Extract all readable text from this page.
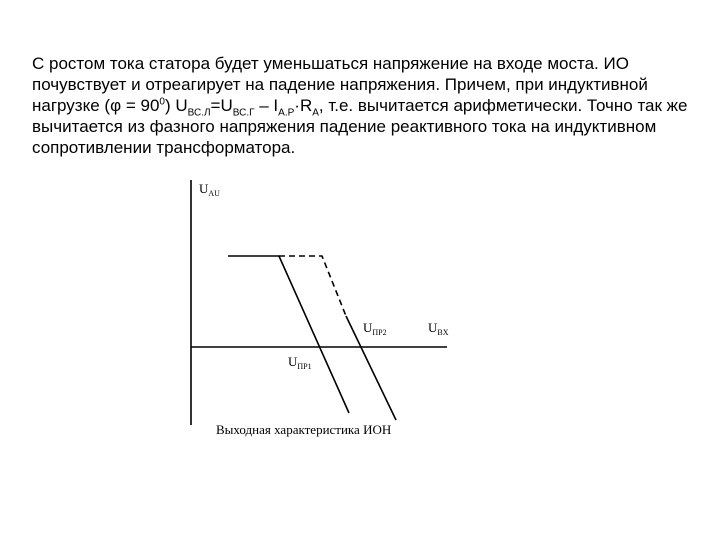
С ростом тока статора будет уменьшаться напряжение на входе моста. ИО почувствует и отреагирует на падение напряжения. Причем, при индуктивной нагрузке $(\varphi = 90^0)$ $U_{ВС.Л}=U_{ВС.Г} - I_{А.Р}\cdot R_А$, т.е. вычитается арифметически. Точно так же вычитается из фазного напряжения падение реактивного тока на индуктивном сопротивлении трансформатора.

$U_{AU}$
$U_{ПР2}$	$U_{BX}$
$U_{ПР1}$
Выходная характеристика ИОН
